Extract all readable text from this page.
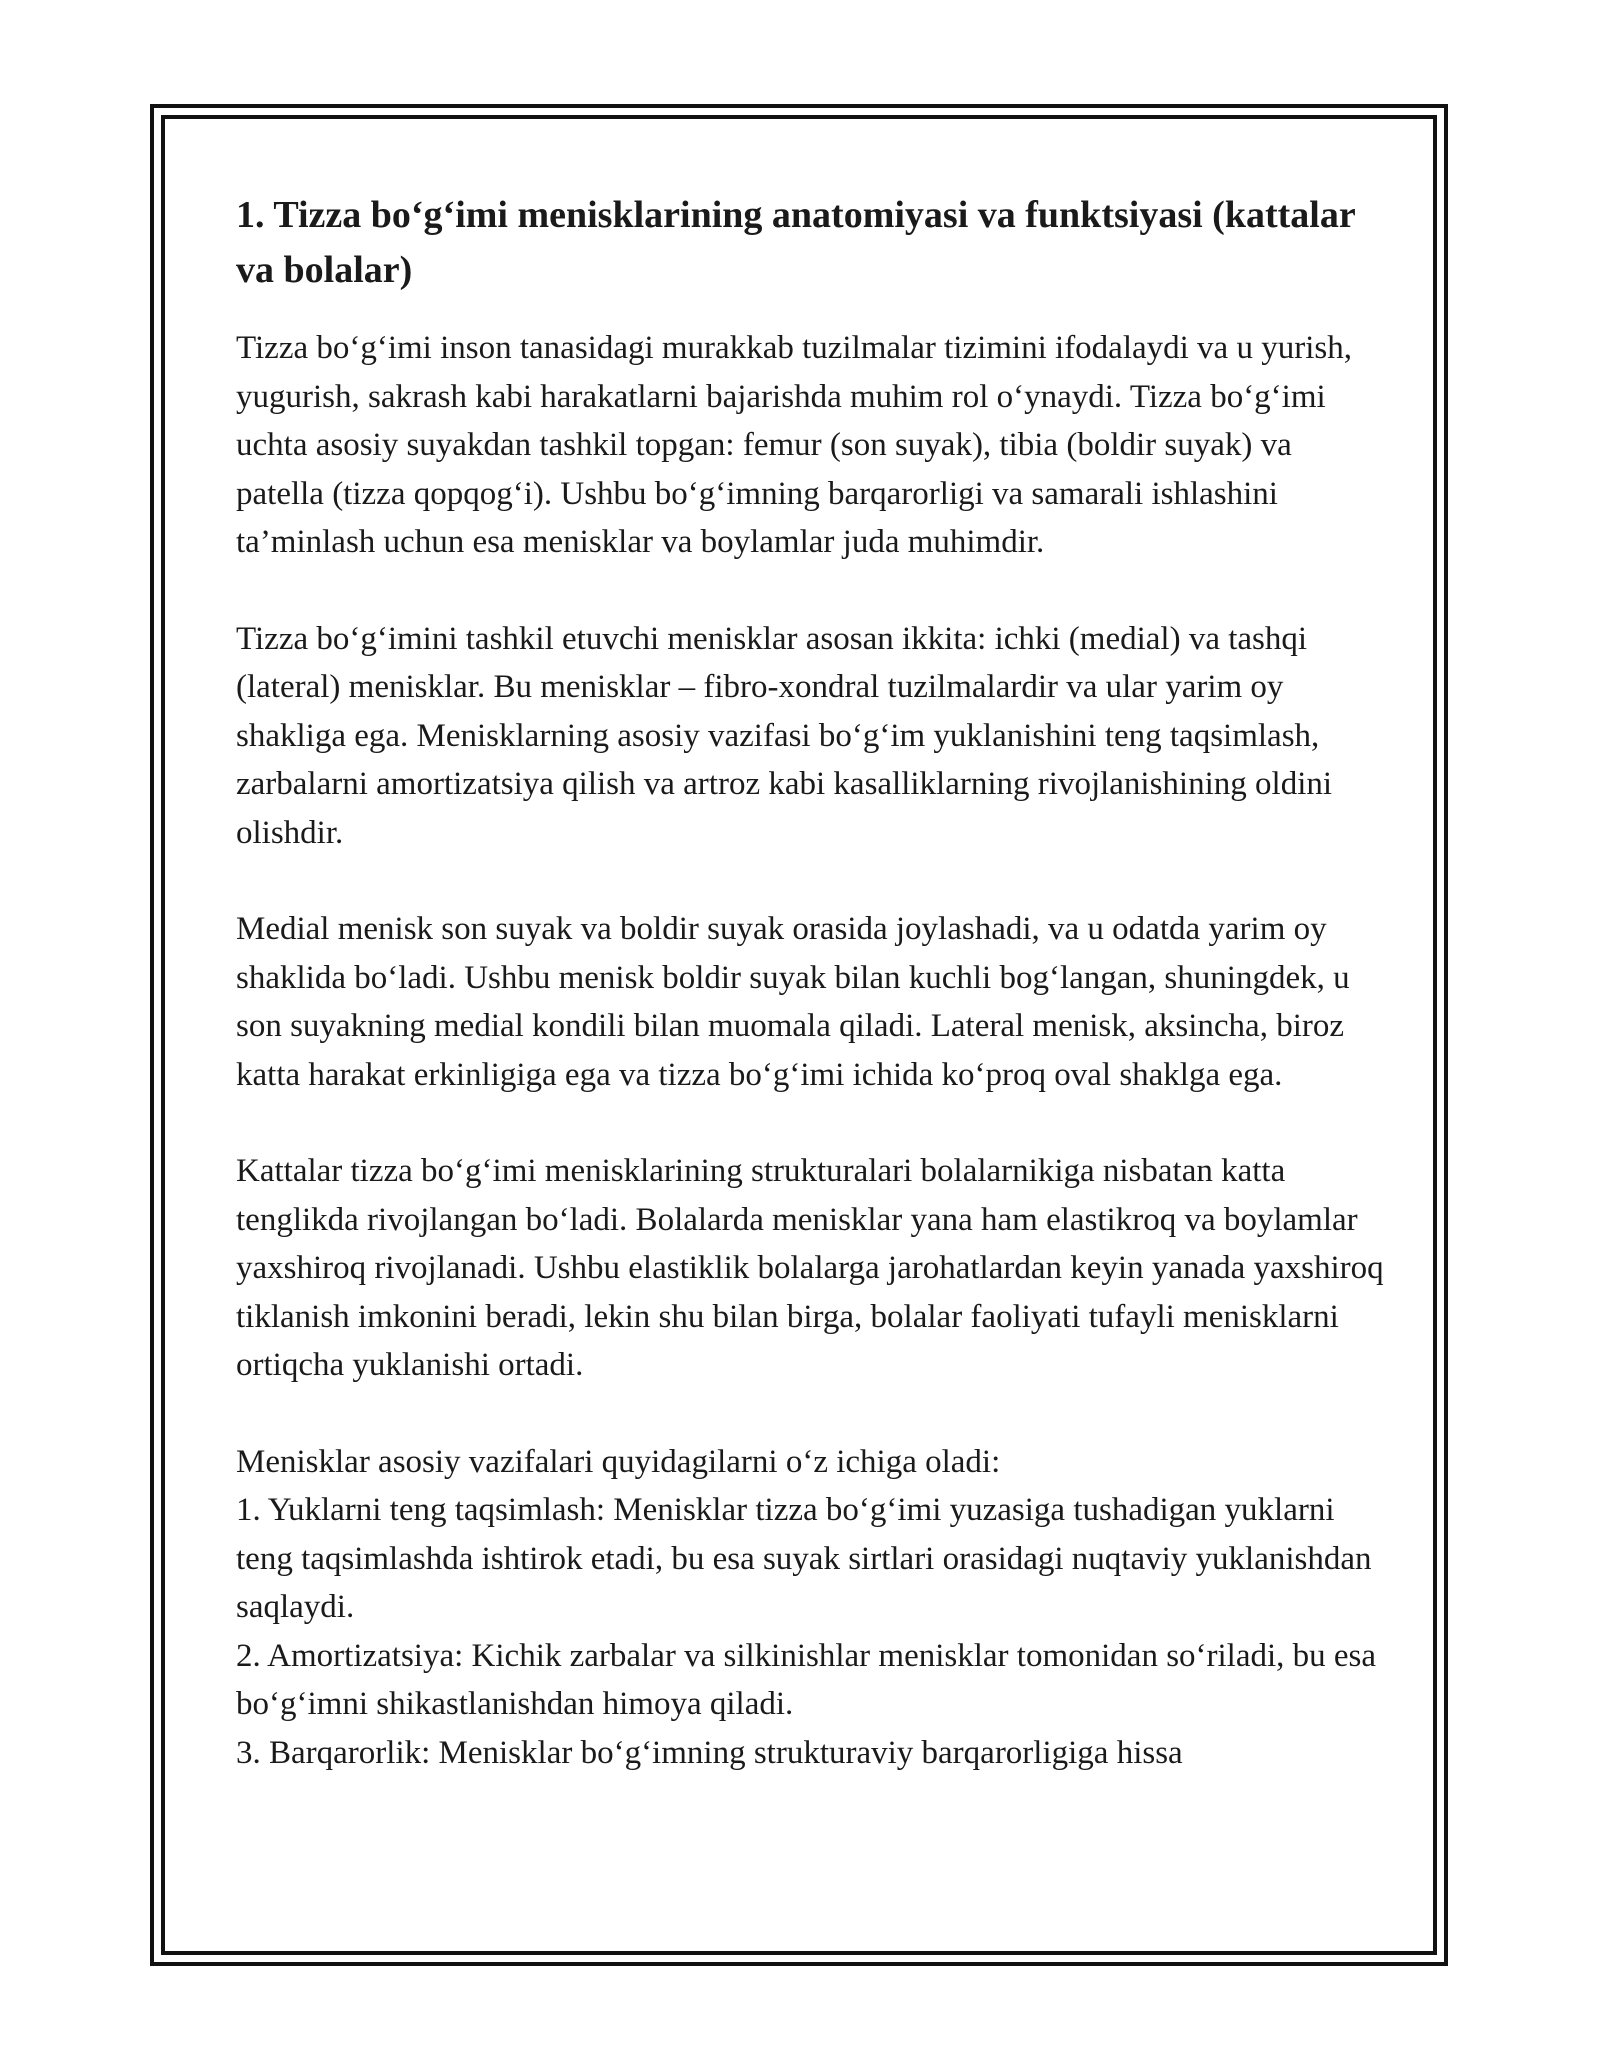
1. Tizza bo‘g‘imi menisklarining anatomiyasi va funktsiyasi (kattalar va bolalar)

Tizza bo‘g‘imi inson tanasidagi murakkab tuzilmalar tizimini ifodalaydi va u yurish, yugurish, sakrash kabi harakatlarni bajarishda muhim rol o‘ynaydi. Tizza bo‘g‘imi uchta asosiy suyakdan tashkil topgan: femur (son suyak), tibia (boldir suyak) va patella (tizza qopqog‘i). Ushbu bo‘g‘imning barqarorligi va samarali ishlashini ta’minlash uchun esa menisklar va boylamlar juda muhimdir.

Tizza bo‘g‘imini tashkil etuvchi menisklar asosan ikkita: ichki (medial) va tashqi (lateral) menisklar. Bu menisklar – fibro-xondral tuzilmalardir va ular yarim oy shakliga ega. Menisklarning asosiy vazifasi bo‘g‘im yuklanishini teng taqsimlash, zarbalarni amortizatsiya qilish va artroz kabi kasalliklarning rivojlanishining oldini olishdir.

Medial menisk son suyak va boldir suyak orasida joylashadi, va u odatda yarim oy shaklida bo‘ladi. Ushbu menisk boldir suyak bilan kuchli bog‘langan, shuningdek, u son suyakning medial kondili bilan muomala qiladi. Lateral menisk, aksincha, biroz katta harakat erkinligiga ega va tizza bo‘g‘imi ichida ko‘proq oval shaklga ega.

Kattalar tizza bo‘g‘imi menisklarining strukturalari bolalarnikiga nisbatan katta tenglikda rivojlangan bo‘ladi. Bolalarda menisklar yana ham elastikroq va boylamlar yaxshiroq rivojlanadi. Ushbu elastiklik bolalarga jarohatlardan keyin yanada yaxshiroq tiklanish imkonini beradi, lekin shu bilan birga, bolalar faoliyati tufayli menisklarni ortiqcha yuklanishi ortadi.

Menisklar asosiy vazifalari quyidagilarni o‘z ichiga oladi:

1. Yuklarni teng taqsimlash: Menisklar tizza bo‘g‘imi yuzasiga tushadigan yuklarni teng taqsimlashda ishtirok etadi, bu esa suyak sirtlari orasidagi nuqtaviy yuklanishdan saqlaydi.

2. Amortizatsiya: Kichik zarbalar va silkinishlar menisklar tomonidan so‘riladi, bu esa bo‘g‘imni shikastlanishdan himoya qiladi.

3. Barqarorlik: Menisklar bo‘g‘imning strukturaviy barqarorligiga hissa
